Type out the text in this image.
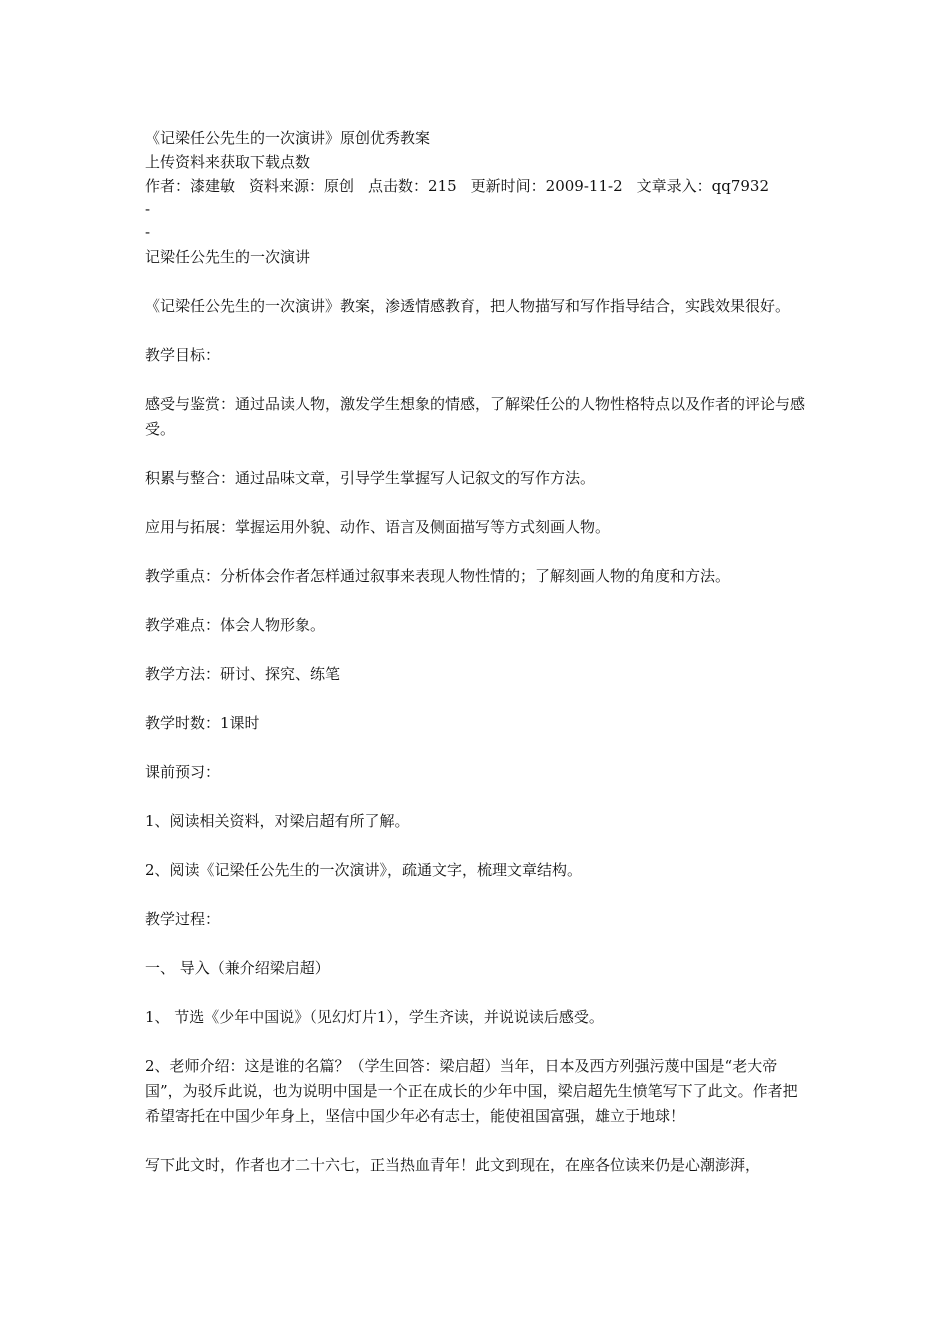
《记梁任公先生的一次演讲》原创优秀教案
上传资料来获取下载点数
作者：漆建敏 资料来源：原创 点击数：215 更新时间：2009-11-2 文章录入：qq7932
-
-
记梁任公先生的一次演讲

《记梁任公先生的一次演讲》教案，渗透情感教育，把人物描写和写作指导结合，实践效果很好。

教学目标：

感受与鉴赏：通过品读人物，激发学生想象的情感，了解梁任公的人物性格特点以及作者的评论与感受。

积累与整合：通过品味文章，引导学生掌握写人记叙文的写作方法。

应用与拓展：掌握运用外貌、动作、语言及侧面描写等方式刻画人物。

教学重点：分析体会作者怎样通过叙事来表现人物性情的；了解刻画人物的角度和方法。

教学难点：体会人物形象。

教学方法：研讨、探究、练笔

教学时数：1课时

课前预习：

1、阅读相关资料，对梁启超有所了解。

2、阅读《记梁任公先生的一次演讲》，疏通文字，梳理文章结构。

教学过程：

一、 导入（兼介绍梁启超）

1、 节选《少年中国说》（见幻灯片1），学生齐读，并说说读后感受。

2、老师介绍：这是谁的名篇？（学生回答：梁启超）当年，日本及西方列强污蔑中国是“老大帝国”，为驳斥此说，也为说明中国是一个正在成长的少年中国，梁启超先生愤笔写下了此文。作者把希望寄托在中国少年身上，坚信中国少年必有志士，能使祖国富强，雄立于地球！

写下此文时，作者也才二十六七，正当热血青年！此文到现在，在座各位读来仍是心潮澎湃，
